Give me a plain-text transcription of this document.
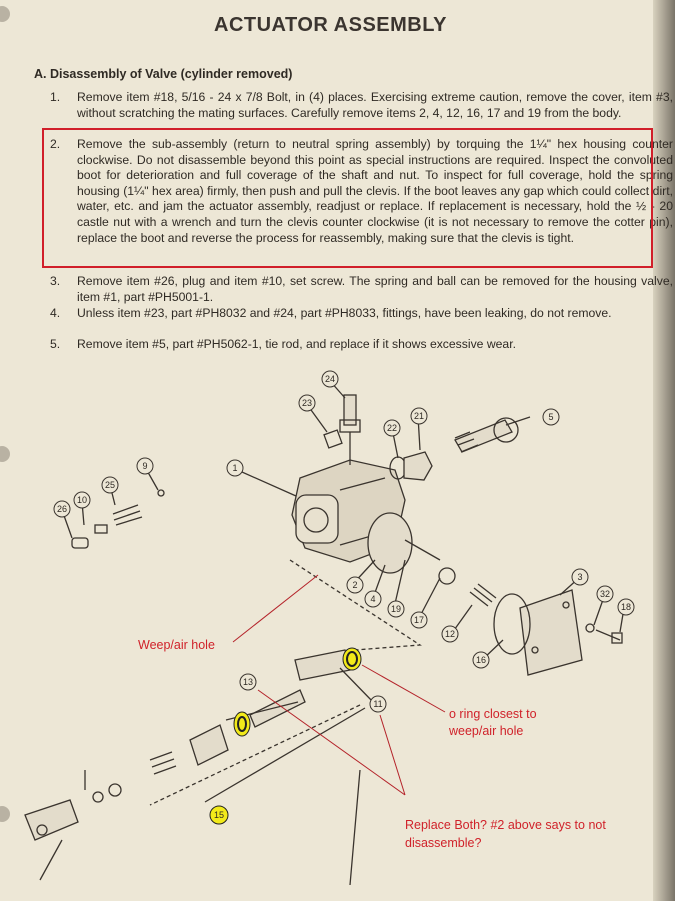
ACTUATOR ASSEMBLY
A. Disassembly of Valve (cylinder removed)
1. Remove item #18, 5/16 - 24 x 7/8 Bolt, in (4) places. Exercising extreme caution, remove the cover, item #3, without scratching the mating surfaces. Carefully remove items 2, 4, 12, 16, 17 and 19 from the body.
2. Remove the sub-assembly (return to neutral spring assembly) by torquing the 1¼" hex housing counter clockwise. Do not disassemble beyond this point as special instructions are required. Inspect the convoluted boot for deterioration and full coverage of the shaft and nut. To inspect for full coverage, hold the spring housing (1¼" hex area) firmly, then push and pull the clevis. If the boot leaves any gap which could collect dirt, water, etc. and jam the actuator assembly, readjust or replace. If replacement is necessary, hold the ½ - 20 castle nut with a wrench and turn the clevis counter clockwise (it is not necessary to remove the cotter pin), replace the boot and reverse the process for reassembly, making sure that the clevis is tight.
3. Remove item #26, plug and item #10, set screw. The spring and ball can be removed for the housing valve, item #1, part #PH5001-1.
4. Unless item #23, part #PH8032 and #24, part #PH8033, fittings, have been leaking, do not remove.
5. Remove item #5, part #PH5062-1, tie rod, and replace if it shows excessive wear.
24
23
22
21	5
9	1
26
10
25
2
4
19
17
3
32
18
12
16
13
11
15
Weep/air hole
o ring closest to weep/air hole
Replace Both? #2 above says to not disassemble?
